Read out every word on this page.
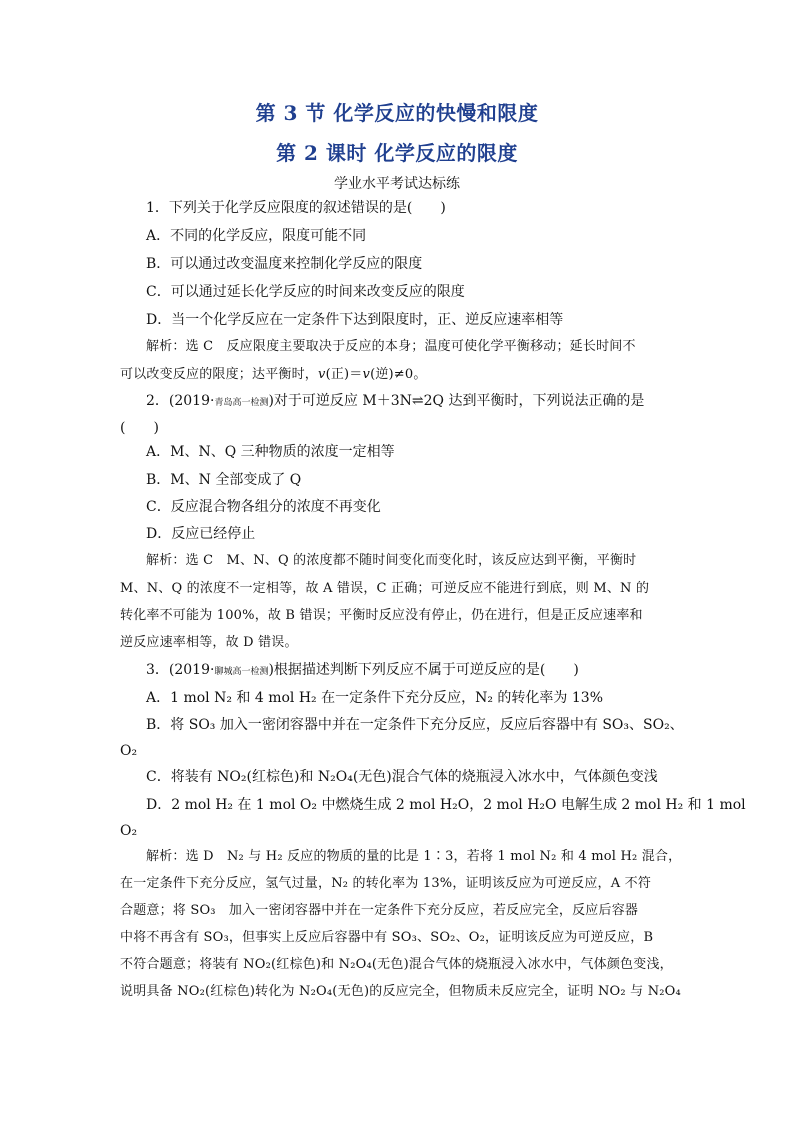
第 3 节 化学反应的快慢和限度
第 2 课时 化学反应的限度
学业水平考试达标练
1．下列关于化学反应限度的叙述错误的是(　　)
A．不同的化学反应，限度可能不同
B．可以通过改变温度来控制化学反应的限度
C．可以通过延长化学反应的时间来改变反应的限度
D．当一个化学反应在一定条件下达到限度时，正、逆反应速率相等
解析：选 C　反应限度主要取决于反应的本身；温度可使化学平衡移动；延长时间不
可以改变反应的限度；达平衡时，v(正)＝v(逆)≠0。
2．(2019·青岛高一检测)对于可逆反应 M＋3N⇌2Q 达到平衡时，下列说法正确的是
(　　)
A．M、N、Q 三种物质的浓度一定相等
B．M、N 全部变成了 Q
C．反应混合物各组分的浓度不再变化
D．反应已经停止
解析：选 C　M、N、Q 的浓度都不随时间变化而变化时，该反应达到平衡，平衡时
M、N、Q 的浓度不一定相等，故 A 错误，C 正确；可逆反应不能进行到底，则 M、N 的
转化率不可能为 100%，故 B 错误；平衡时反应没有停止，仍在进行，但是正反应速率和
逆反应速率相等，故 D 错误。
3．(2019·聊城高一检测)根据描述判断下列反应不属于可逆反应的是(　　)
A．1 mol N₂ 和 4 mol H₂ 在一定条件下充分反应，N₂ 的转化率为 13%
B．将 SO₃ 加入一密闭容器中并在一定条件下充分反应，反应后容器中有 SO₃、SO₂、
O₂
C．将装有 NO₂(红棕色)和 N₂O₄(无色)混合气体的烧瓶浸入冰水中，气体颜色变浅
D．2 mol H₂ 在 1 mol O₂ 中燃烧生成 2 mol H₂O，2 mol H₂O 电解生成 2 mol H₂ 和 1 mol
O₂
解析：选 D　N₂ 与 H₂ 反应的物质的量的比是 1∶3，若将 1 mol N₂ 和 4 mol H₂ 混合，
在一定条件下充分反应，氢气过量，N₂ 的转化率为 13%，证明该反应为可逆反应，A 不符
合题意；将 SO₃　加入一密闭容器中并在一定条件下充分反应，若反应完全，反应后容器
中将不再含有 SO₃，但事实上反应后容器中有 SO₃、SO₂、O₂，证明该反应为可逆反应，B
不符合题意；将装有 NO₂(红棕色)和 N₂O₄(无色)混合气体的烧瓶浸入冰水中，气体颜色变浅，
说明具备 NO₂(红棕色)转化为 N₂O₄(无色)的反应完全，但物质未反应完全，证明 NO₂ 与 N₂O₄
